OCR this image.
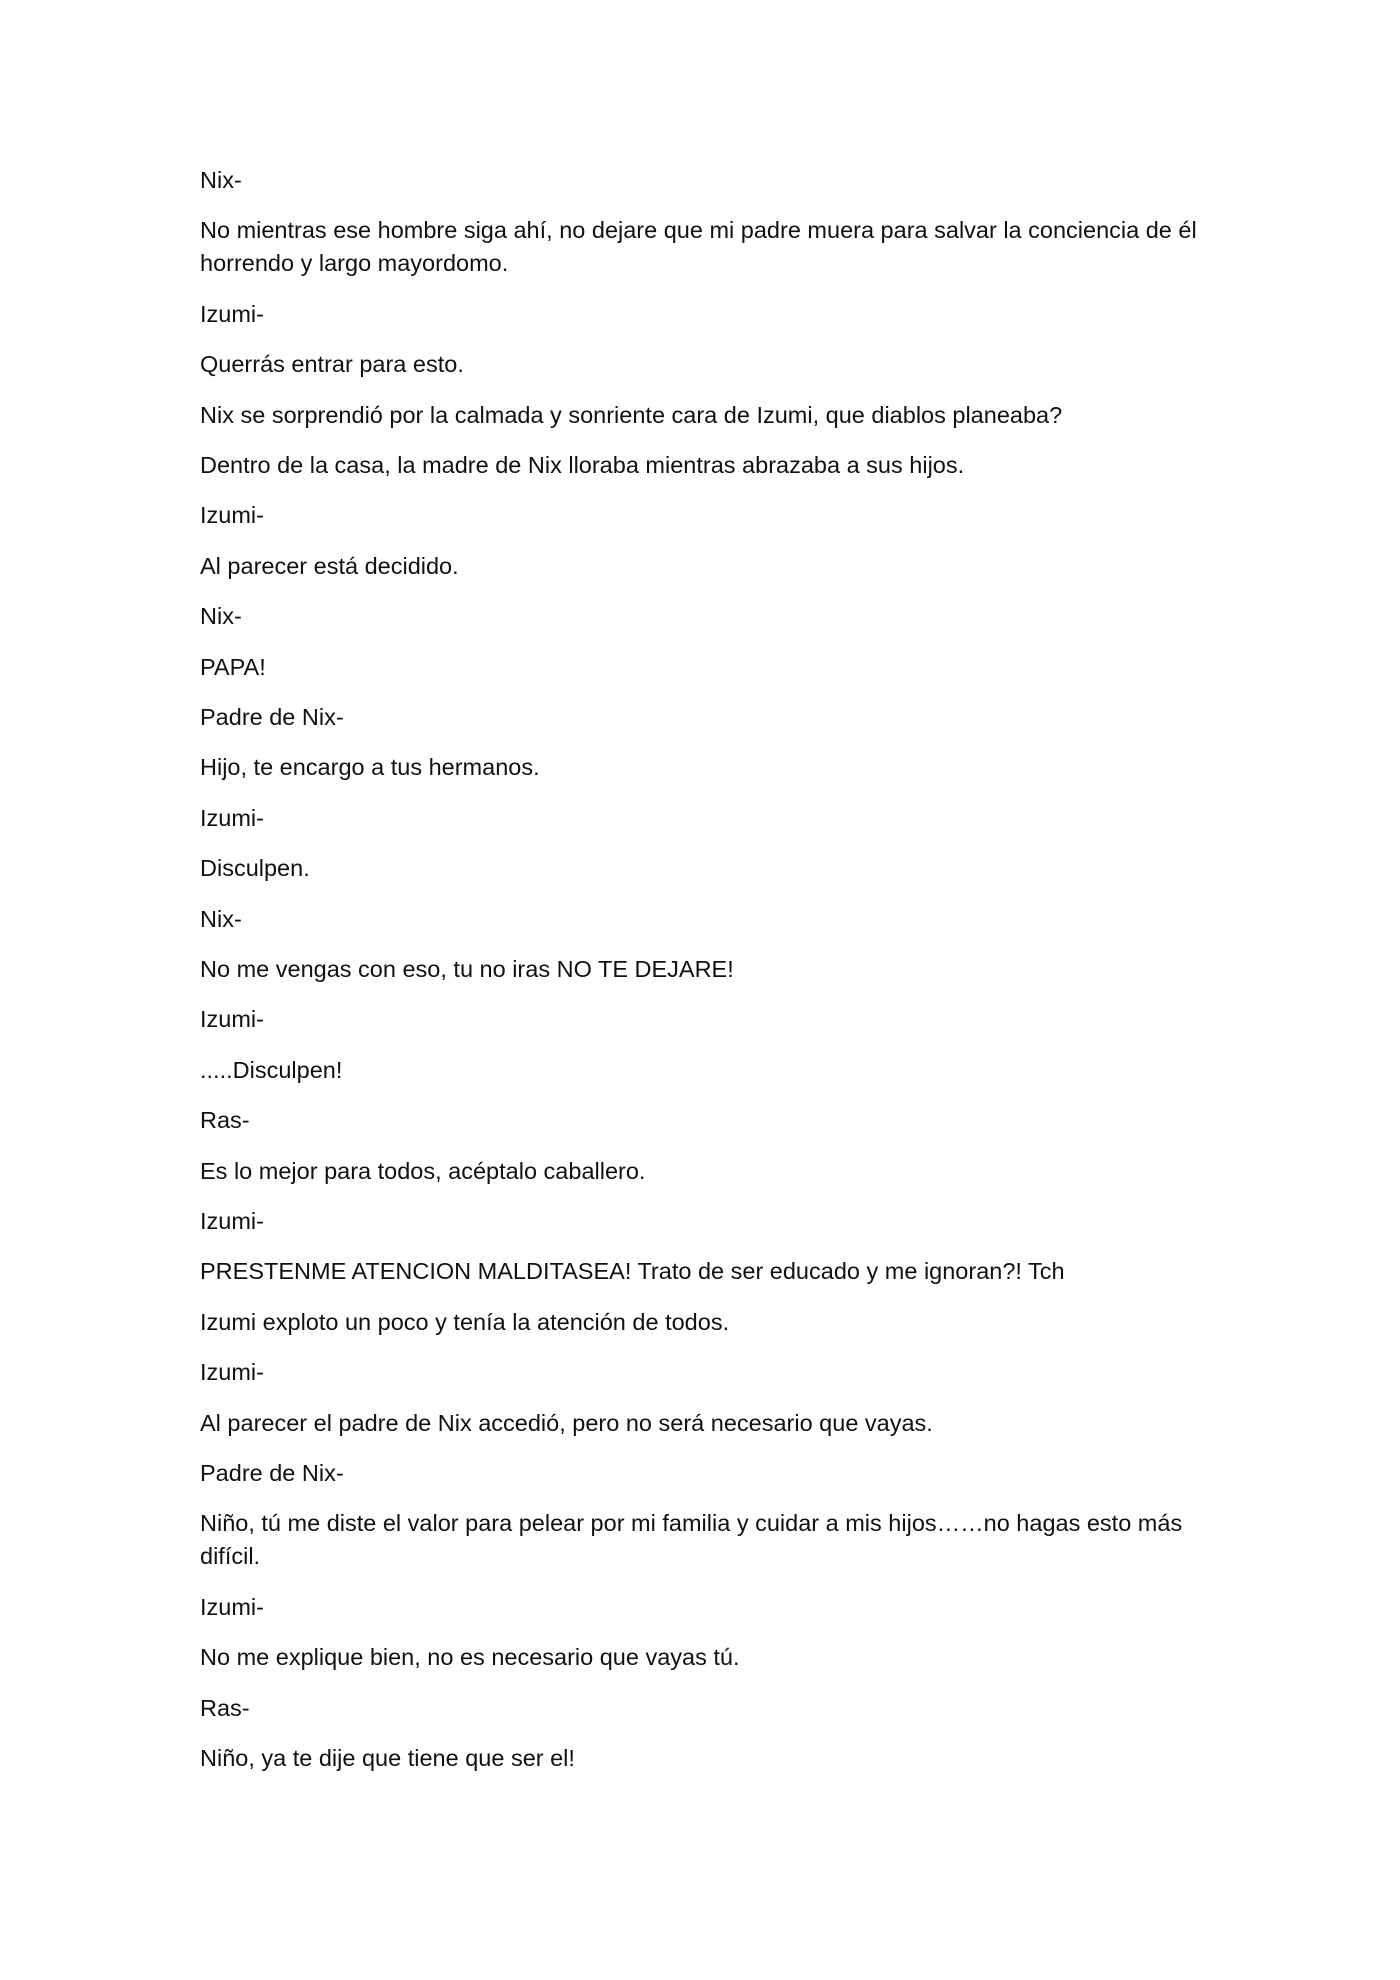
Nix-

No mientras ese hombre siga ahí, no dejare que mi padre muera para salvar la conciencia de él
horrendo y largo mayordomo.

Izumi-

Querrás entrar para esto.

Nix se sorprendió por la calmada y sonriente cara de Izumi, que diablos planeaba?

Dentro de la casa, la madre de Nix lloraba mientras abrazaba a sus hijos.

Izumi-

Al parecer está decidido.

Nix-

PAPA!

Padre de Nix-

Hijo, te encargo a tus hermanos.

Izumi-

Disculpen.

Nix-

No me vengas con eso, tu no iras NO TE DEJARE!

Izumi-

.....Disculpen!

Ras-

Es lo mejor para todos, acéptalo caballero.

Izumi-

PRESTENME ATENCION MALDITASEA! Trato de ser educado y me ignoran?! Tch

Izumi exploto un poco y tenía la atención de todos.

Izumi-

Al parecer el padre de Nix accedió, pero no será necesario que vayas.

Padre de Nix-

Niño, tú me diste el valor para pelear por mi familia y cuidar a mis hijos……no hagas esto más
difícil.

Izumi-

No me explique bien, no es necesario que vayas tú.

Ras-

Niño, ya te dije que tiene que ser el!
